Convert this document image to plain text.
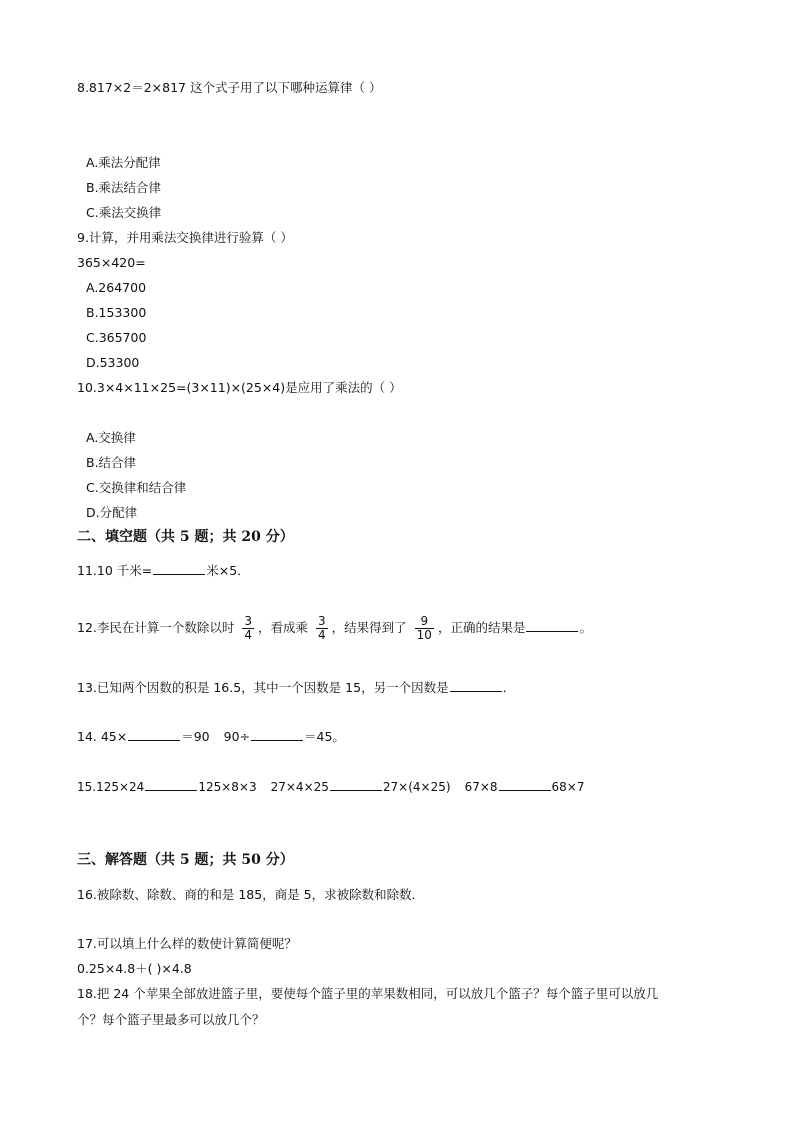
8.817×2＝2×817 这个式子用了以下哪种运算律（ ）
A.乘法分配律
B.乘法结合律
C.乘法交换律
9.计算，并用乘法交换律进行验算（ ）
365×420=
A.264700
B.153300
C.365700
D.53300
10.3×4×11×25=(3×11)×(25×4)是应用了乘法的（ ）
A.交换律
B.结合律
C.交换律和结合律
D.分配律
二、填空题（共 5 题；共 20 分）
11.10 千米=	米×5．
12.李民在计算一个数除以时 $\frac{3}{4}$ ，看成乘 $\frac{3}{4}$ ，结果得到了 $\frac{9}{10}$ ，正确的结果是	。
13.已知两个因数的积是 16.5，其中一个因数是 15，另一个因数是	．
14. 45×	＝90 90÷	＝45。
15.125×24	125×8×3 27×4×25	27×(4×25) 67×8	68×7
三、解答题（共 5 题；共 50 分）
16.被除数、除数、商的和是 185，商是 5，求被除数和除数．
17.可以填上什么样的数使计算简便呢？
0.25×4.8＋( )×4.8
18.把 24 个苹果全部放进篮子里，要使每个篮子里的苹果数相同，可以放几个篮子？每个篮子里可以放几
个？每个篮子里最多可以放几个？
